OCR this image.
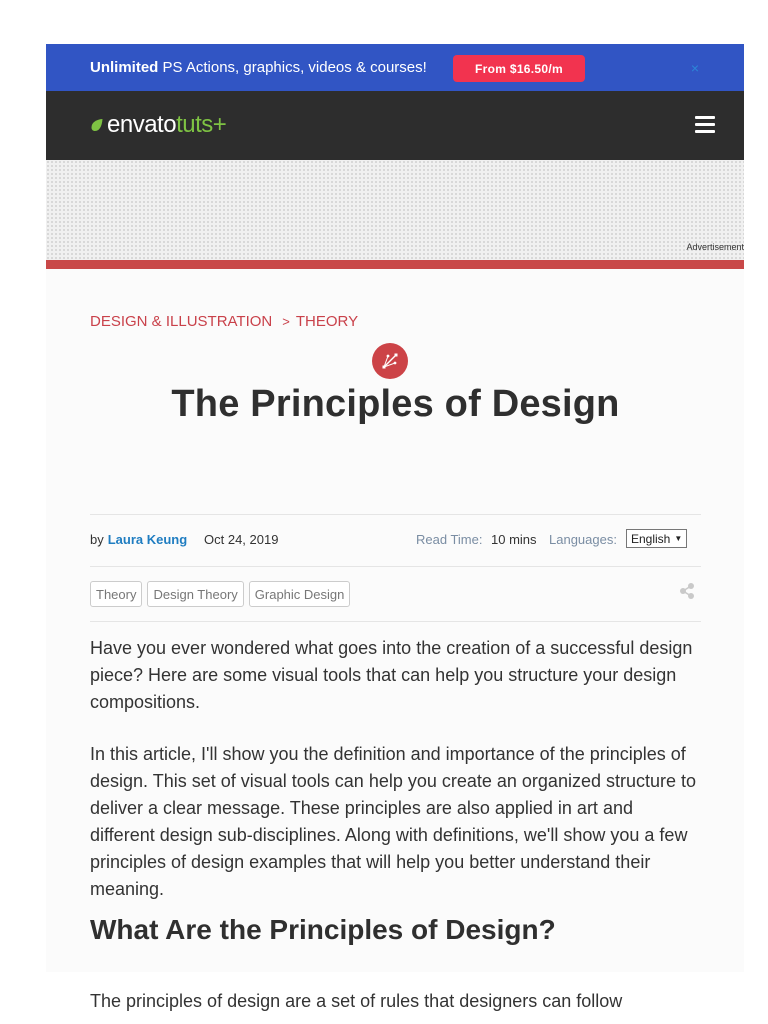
Unlimited PS Actions, graphics, videos & courses!	From $16.50/m	×
envato tuts+
Advertisement
DESIGN & ILLUSTRATION > THEORY
The Principles of Design
by Laura Keung Oct 24, 2019	Read Time: 10 mins Languages: English ▼
Theory	Design Theory	Graphic Design

Have you ever wondered what goes into the creation of a successful design piece? Here are some visual tools that can help you structure your design compositions.

In this article, I'll show you the definition and importance of the principles of design. This set of visual tools can help you create an organized structure to deliver a clear message. These principles are also applied in art and different design sub-disciplines. Along with definitions, we'll show you a few principles of design examples that will help you better understand their meaning.

What Are the Principles of Design?

The principles of design are a set of rules that designers can follow
